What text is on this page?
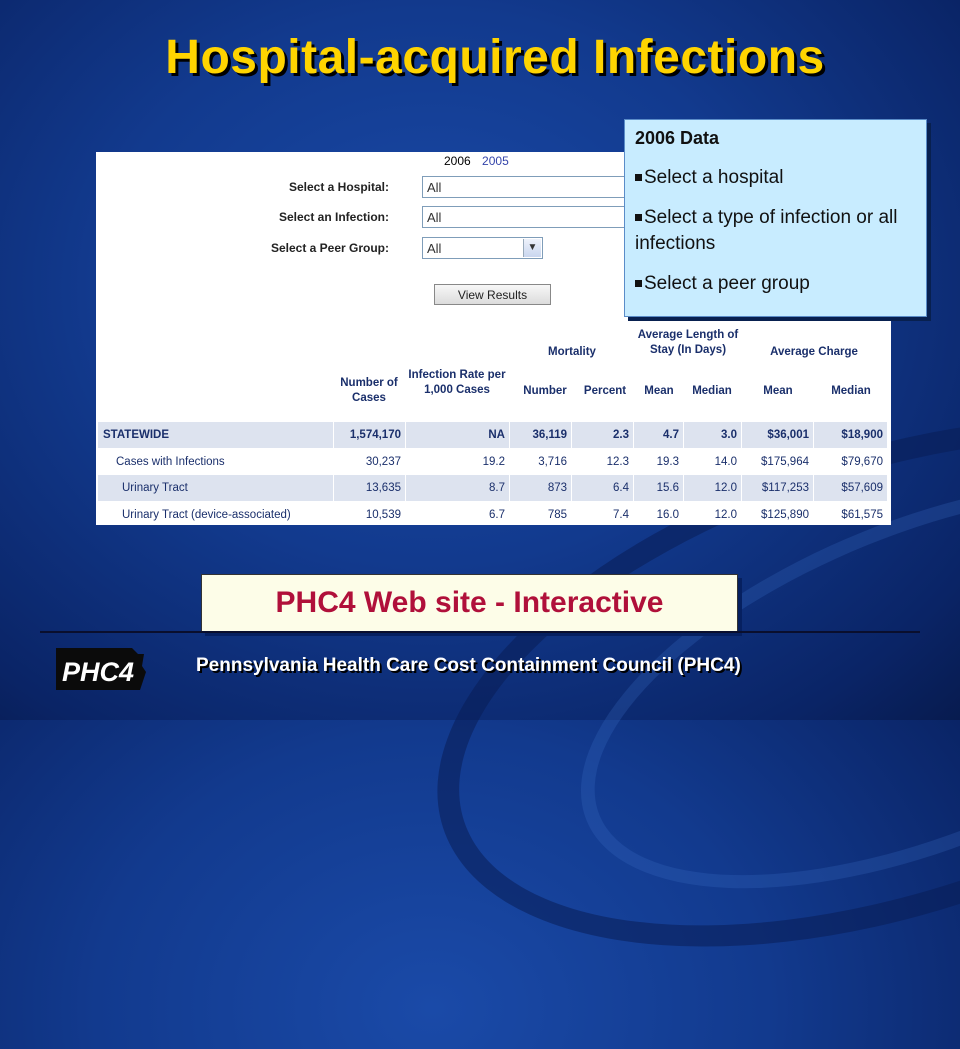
Hospital-acquired Infections
2006 2005
Select a Hospital:	All
Select an Infection:	All
Select a Peer Group:	All	▼
View Results
Mortality
Average Length of Stay (In Days)	Average Charge
Number of Cases
Infection Rate per 1,000 Cases	Number	Percent	Mean	Median	Mean	Median
STATEWIDE	1,574,170	NA	36,119	2.3	4.7	3.0	$36,001	$18,900
Cases with Infections	30,237	19.2	3,716	12.3	19.3	14.0	$175,964	$79,670
Urinary Tract	13,635	8.7	873	6.4	15.6	12.0	$117,253	$57,609
Urinary Tract (device-associated)	10,539	6.7	785	7.4	16.0	12.0	$125,890	$61,575
2006 Data
Select a hospital
Select a type of infection or all infections
Select a peer group
PHC4 Web site - Interactive
PHC4	Pennsylvania Health Care Cost Containment Council (PHC4)
